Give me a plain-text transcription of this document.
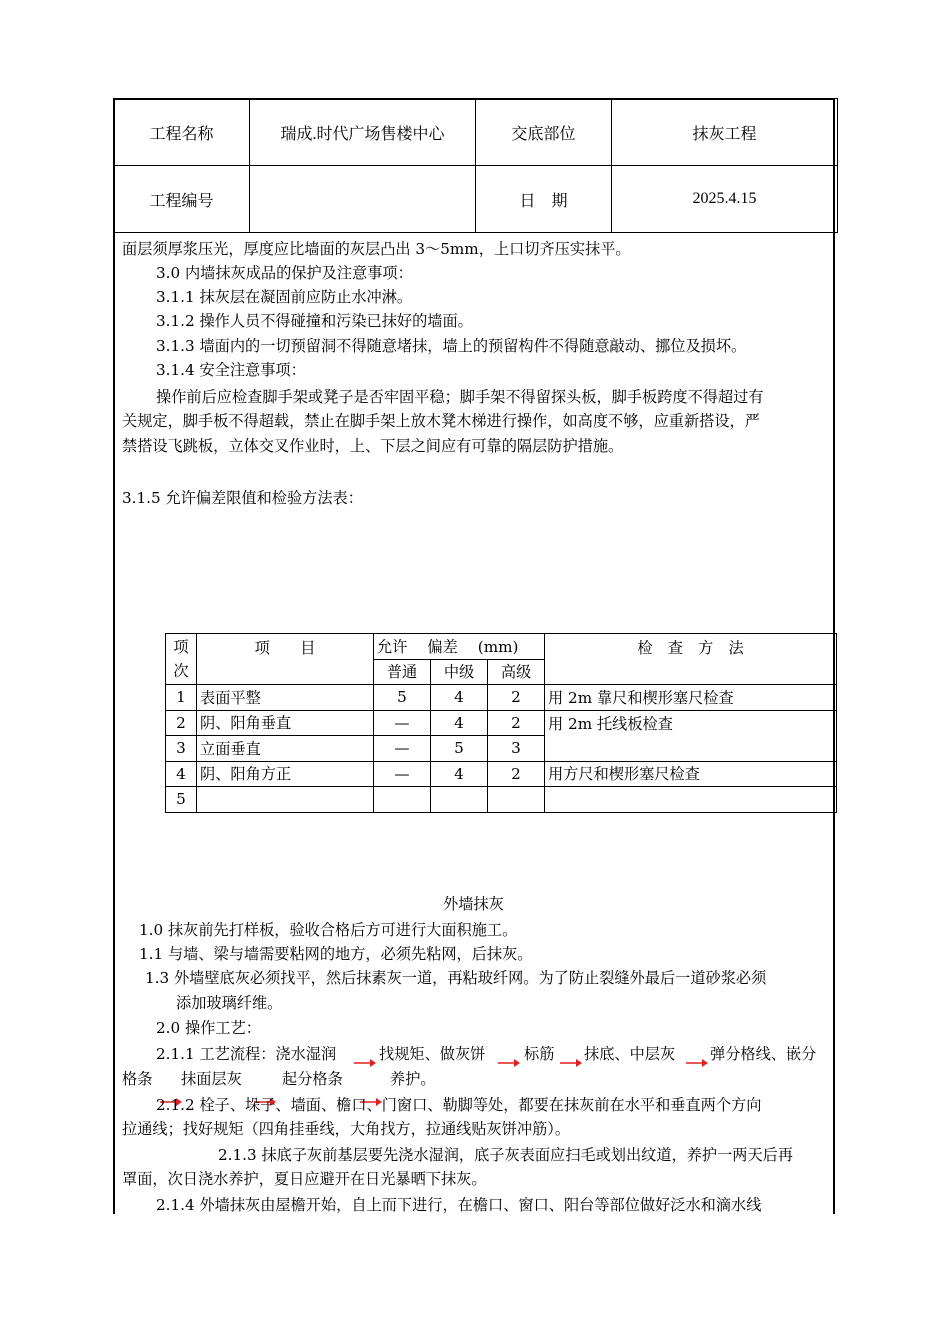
工程名称	瑞成.时代广场售楼中心	交底部位	抹灰工程
工程编号		日　期	2025.4.15
面层须厚浆压光，厚度应比墙面的灰层凸出 3～5mm，上口切齐压实抹平。
3.0 内墙抹灰成品的保护及注意事项：
3.1.1 抹灰层在凝固前应防止水冲淋。
3.1.2 操作人员不得碰撞和污染已抹好的墙面。
3.1.3 墙面内的一切预留洞不得随意堵抹，墙上的预留构件不得随意敲动、挪位及损坏。
3.1.4 安全注意事项：
操作前后应检查脚手架或凳子是否牢固平稳；脚手架不得留探头板，脚手板跨度不得超过有
关规定，脚手板不得超载，禁止在脚手架上放木凳木梯进行操作，如高度不够，应重新搭设，严
禁搭设飞跳板，立体交叉作业时，上、下层之间应有可靠的隔层防护措施。
3.1.5 允许偏差限值和检验方法表：
项
次	项　　目	允许　 偏差　 (mm)			检　查　方　法
		普通	中级	高级	
1	表面平整	5	4	2	用 2m 靠尺和楔形塞尺检查
2	阴、阳角垂直	—	4	2	用 2m 托线板检查
3	立面垂直	—	5	3	
4	阴、阳角方正	—	4	2	用方尺和楔形塞尺检查
5					
外墙抹灰
1.0 抹灰前先打样板，验收合格后方可进行大面积施工。
1.1 与墙、梁与墙需要粘网的地方，必须先粘网，后抹灰。
1.3 外墙壁底灰必须找平，然后抹素灰一道，再粘玻纤网。为了防止裂缝外最后一道砂浆必须
添加玻璃纤维。
2.0 操作工艺：
2.1.1 工艺流程：浇水湿润	找规矩、做灰饼	标筋 抹底、中层灰 弹分格线、嵌分
格条 抹面层灰	起分格条	养护。
2.1.2 栓子、垛子、墙面、檐口、门窗口、勒脚等处，都要在抹灰前在水平和垂直两个方向
拉通线；找好规矩（四角挂垂线，大角找方，拉通线贴灰饼冲筋）。
2.1.3 抹底子灰前基层要先浇水湿润，底子灰表面应扫毛或划出纹道，养护一两天后再
罩面，次日浇水养护，夏日应避开在日光暴晒下抹灰。
2.1.4 外墙抹灰由屋檐开始，自上而下进行，在檐口、窗口、阳台等部位做好泛水和滴水线
